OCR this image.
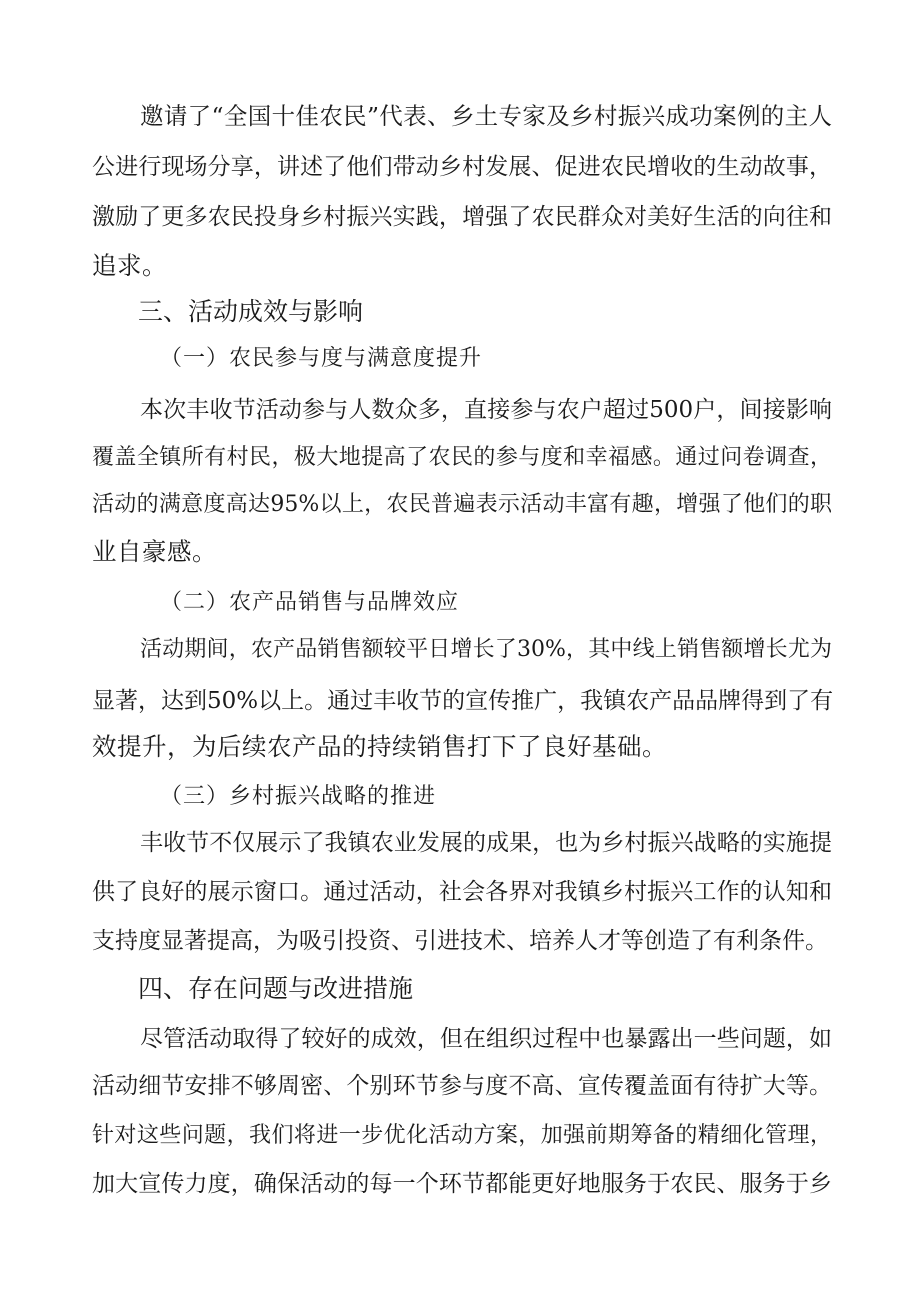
邀请了“全国十佳农民”代表、乡土专家及乡村振兴成功案例的主人
公进行现场分享，讲述了他们带动乡村发展、促进农民增收的生动故事，
激励了更多农民投身乡村振兴实践，增强了农民群众对美好生活的向往和
追求。
三、活动成效与影响
（一）农民参与度与满意度提升
本次丰收节活动参与人数众多，直接参与农户超过500户，间接影响
覆盖全镇所有村民，极大地提高了农民的参与度和幸福感。通过问卷调查，
活动的满意度高达95%以上，农民普遍表示活动丰富有趣，增强了他们的职
业自豪感。
（二）农产品销售与品牌效应
活动期间，农产品销售额较平日增长了30%，其中线上销售额增长尤为
显著，达到50%以上。通过丰收节的宣传推广，我镇农产品品牌得到了有
效提升，为后续农产品的持续销售打下了良好基础。
（三）乡村振兴战略的推进
丰收节不仅展示了我镇农业发展的成果，也为乡村振兴战略的实施提
供了良好的展示窗口。通过活动，社会各界对我镇乡村振兴工作的认知和
支持度显著提高，为吸引投资、引进技术、培养人才等创造了有利条件。
四、存在问题与改进措施
尽管活动取得了较好的成效，但在组织过程中也暴露出一些问题，如
活动细节安排不够周密、个别环节参与度不高、宣传覆盖面有待扩大等。
针对这些问题，我们将进一步优化活动方案，加强前期筹备的精细化管理，
加大宣传力度，确保活动的每一个环节都能更好地服务于农民、服务于乡
